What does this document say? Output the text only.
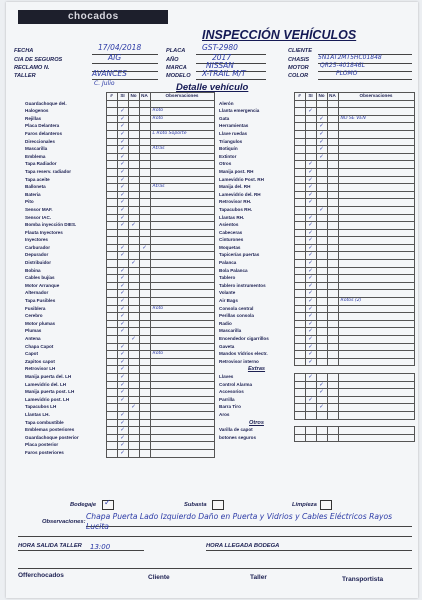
chocados
INSPECCIÓN VEHÍCULOS
FECHA	17/04/2018
CIA DE SEGUROS	AIG
RECLAMO N.
TALLER	AVANCES
C. Julio
PLACA GST-2980
AÑO	2017
MARCA	NISSAN
MODELO X-TRAIL M/T
CLIENTE
CHASIS 5N1AT2MT5HC01848
MOTOR QR25-401846L
COLOR	PLOMO
Detalle vehículo
	#	SI	No	NA	Observaciones
Guardachoque del.					
Halogenos		✓			Roto
Rejillas		✓			Roto
Placa Delantera		✓			
Faros delanteros		✓			L Roto Soporte
Direccionales		✓			
Mascarilla		✓			Atras
Emblema		✓			
Tapa Radiador		✓			
Tapa reserv. radiador		✓			
Tapa aceite		✓			
Balloneta		✓			Atras
Bateria		✓			
Pito		✓			
Sensor MAF.		✓			
Sensor IAC.		✓			
Bomba inyección DIES.		✓	✓		
Flauta Inyectores					
Inyectores					
Carburador		✓		✓	
Depurador		✓			
Distribuidor			✓		
Bobina		✓			
Cables bujías		✓			
Motor Arranque		✓			
Alternador		✓			
Tapa Fusibles		✓			
Fusiblera		✓			Roto
Cerebro		✓			
Motor plumas		✓			
Plumas		✓			
Antena			✓		
Chapa Capot		✓			
Capot		✓			Roto
Zapitos capot		✓			
Retrovisor LH		✓			
Manija puerta del. LH		✓			
Lamevidrio del. LH		✓			
Manija puerta post. LH		✓			
Lamevidrio post. LH		✓			
Tapacubos LH			✓		
Llantas LH.		✓			
Tapa combustible		✓			
Emblemas posteriores		✓			
Guardachoque posterior		✓			
Placa posterior		✓			
Faros posteriores		✓			
	#	SI	No	NA	Observaciones
Alerón					
Llanta emergencia		✓			
Gata			✓		NO SE VEN
Herramientas			✓		
Llave ruedas			✓		
Triangulos			✓		
Botiquín			✓		
Extintor			✓		
Otros		✓			
Manija post. RH		✓			
Lamevidrio Post. RH		✓			
Manija del. RH		✓			
Lamevidrio del. RH		✓			
Retrovisor RH.		✓			
Tapacubos RH.			✓		
Llantas RH.		✓			
Asientos		✓			
Cabeceras		✓			
Cinturones		✓			
Moquetas		✓			
Tapicerías puertas		✓			
Palanca		✓			
Bola Palanca		✓			
Tablero		✓			
Tablero instrumentos		✓			
Volante		✓			
Air Bags		✓			Rotos (2)
Consola central		✓			
Perillas consola		✓			
Radio		✓			
Mascarilla		✓			
Encendedor cigarrillos		✓			
Gaveta		✓			
Mandos Vidrios electr.		✓			
Retrovisor interno		✓			
Extras					
Llaves		✓			
Control Alarma			✓		
Accesorios			✓		
Parrilla		✓			
Barra Tiro			✓		
Aros					
Otros					
Varilla de capot					
botones seguros					
Bodegaje ✓	Subasta	Limpieza
Observaciones:
Chapa Puerta Lado Izquierdo Daño en Puerta y Vidrios y Cables Eléctricos Rayos Lucita
HORA SALIDA TALLER 13:00	HORA LLEGADA BODEGA
Offerchocados	Cliente	Taller	Transportista
